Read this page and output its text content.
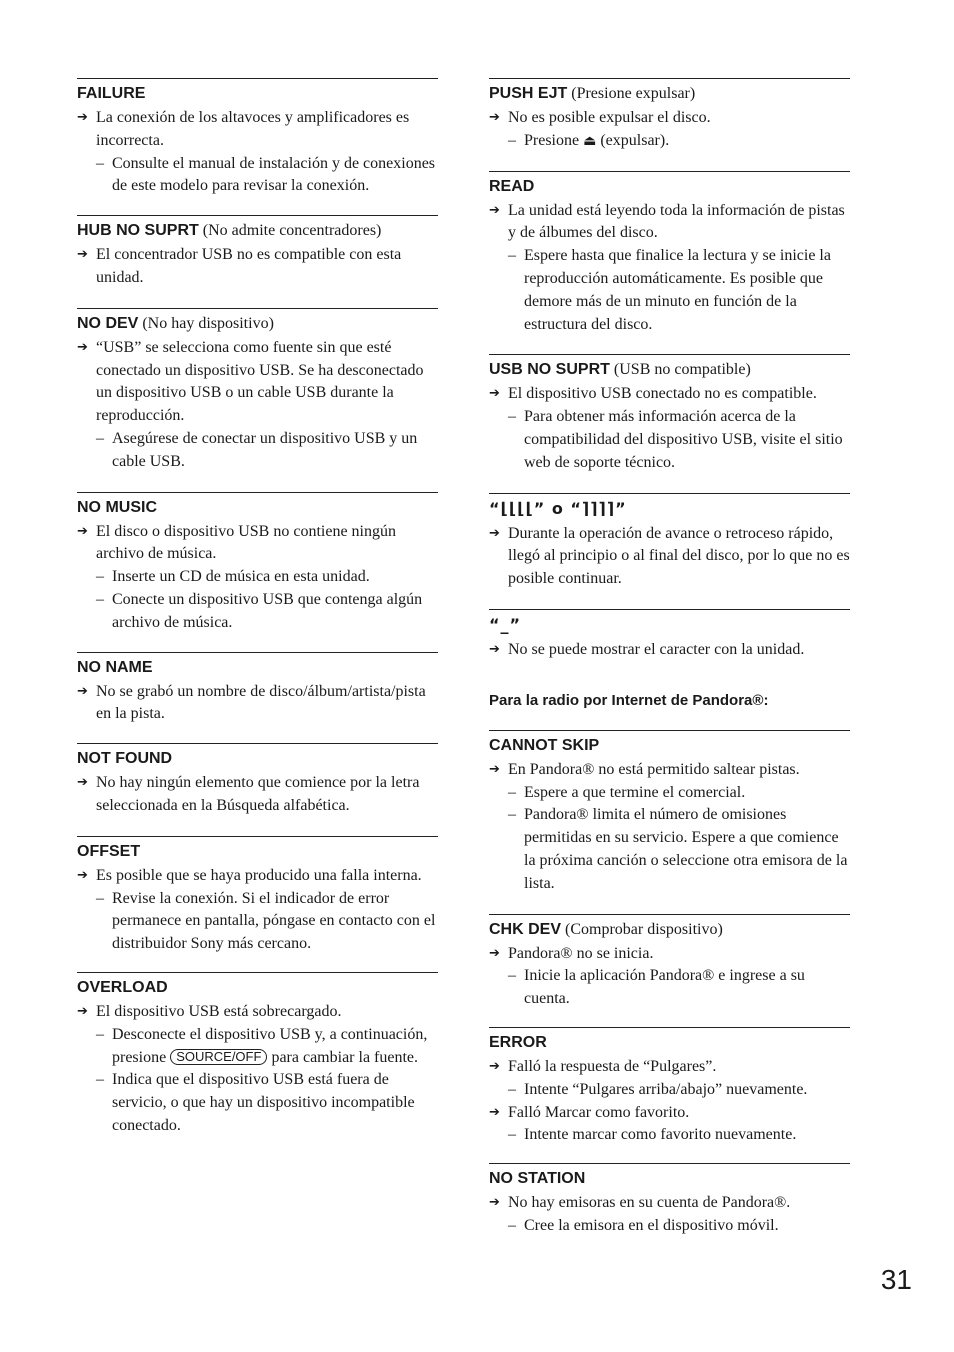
FAILURE
➔ La conexión de los altavoces y amplificadores es incorrecta.
– Consulte el manual de instalación y de conexiones de este modelo para revisar la conexión.
HUB NO SUPRT (No admite concentradores)
➔ El concentrador USB no es compatible con esta unidad.
NO DEV (No hay dispositivo)
➔ “USB” se selecciona como fuente sin que esté conectado un dispositivo USB. Se ha desconectado un dispositivo USB o un cable USB durante la reproducción.
– Asegúrese de conectar un dispositivo USB y un cable USB.
NO MUSIC
➔ El disco o dispositivo USB no contiene ningún archivo de música.
– Inserte un CD de música en esta unidad.
– Conecte un dispositivo USB que contenga algún archivo de música.
NO NAME
➔ No se grabó un nombre de disco/álbum/artista/pista en la pista.
NOT FOUND
➔ No hay ningún elemento que comience por la letra seleccionada en la Búsqueda alfabética.
OFFSET
➔ Es posible que se haya producido una falla interna.
– Revise la conexión. Si el indicador de error permanece en pantalla, póngase en contacto con el distribuidor Sony más cercano.
OVERLOAD
➔ El dispositivo USB está sobrecargado.
– Desconecte el dispositivo USB y, a continuación, presione SOURCE/OFF para cambiar la fuente.
– Indica que el dispositivo USB está fuera de servicio, o que hay un dispositivo incompatible conectado.
PUSH EJT (Presione expulsar)
➔ No es posible expulsar el disco.
– Presione ⏏ (expulsar).
READ
➔ La unidad está leyendo toda la información de pistas y de álbumes del disco.
– Espere hasta que finalice la lectura y se inicie la reproducción automáticamente. Es posible que demore más de un minuto en función de la estructura del disco.
USB NO SUPRT (USB no compatible)
➔ El dispositivo USB conectado no es compatible.
– Para obtener más información acerca de la compatibilidad del dispositivo USB, visite el sitio web de soporte técnico.
“⌊⌊⌊⌊” o “⌉⌉⌉⌉”
➔ Durante la operación de avance o retroceso rápido, llegó al principio o al final del disco, por lo que no es posible continuar.
“_”
➔ No se puede mostrar el caracter con la unidad.
Para la radio por Internet de Pandora®:
CANNOT SKIP
➔ En Pandora® no está permitido saltear pistas.
– Espere a que termine el comercial.
– Pandora® limita el número de omisiones permitidas en su servicio. Espere a que comience la próxima canción o seleccione otra emisora de la lista.
CHK DEV (Comprobar dispositivo)
➔ Pandora® no se inicia.
– Inicie la aplicación Pandora® e ingrese a su cuenta.
ERROR
➔ Falló la respuesta de “Pulgares”.
– Intente “Pulgares arriba/abajo” nuevamente.
➔ Falló Marcar como favorito.
– Intente marcar como favorito nuevamente.
NO STATION
➔ No hay emisoras en su cuenta de Pandora®.
– Cree la emisora en el dispositivo móvil.
31
